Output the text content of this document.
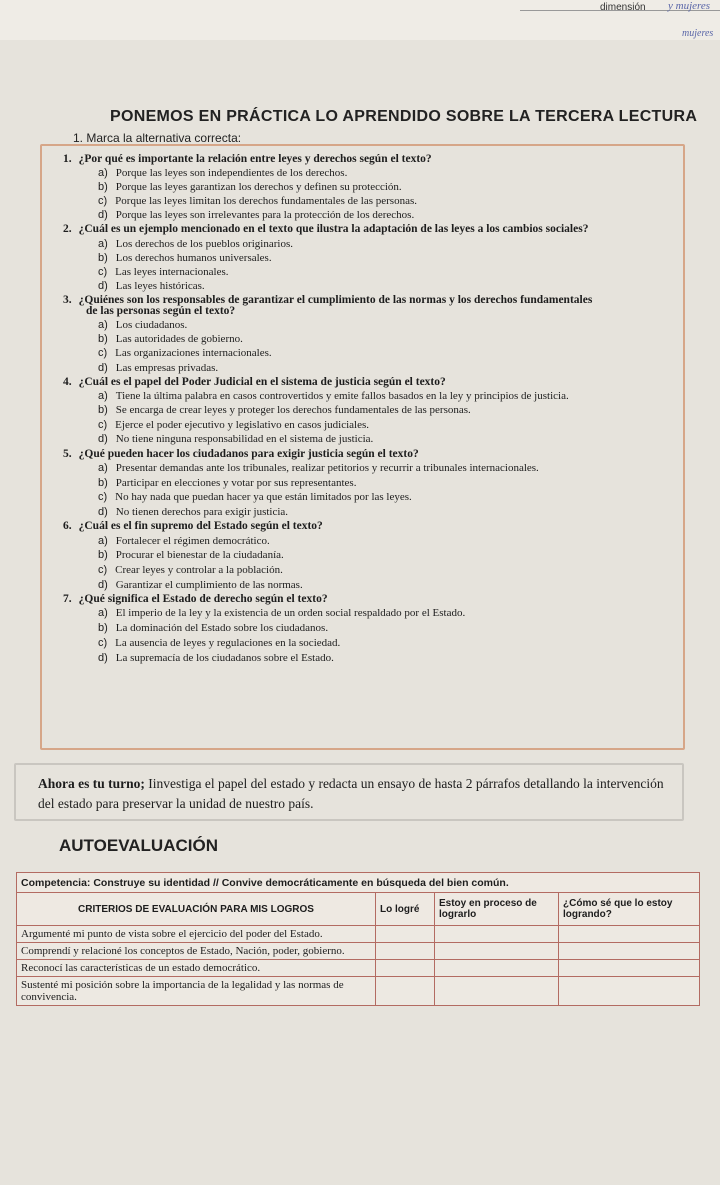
dimensión y mujeres
mujeres
PONEMOS EN PRÁCTICA LO APRENDIDO SOBRE LA TERCERA LECTURA
1. Marca la alternativa correcta:
1. ¿Por qué es importante la relación entre leyes y derechos según el texto?
a) Porque las leyes son independientes de los derechos.
b) Porque las leyes garantizan los derechos y definen su protección.
c) Porque las leyes limitan los derechos fundamentales de las personas.
d) Porque las leyes son irrelevantes para la protección de los derechos.
2. ¿Cuál es un ejemplo mencionado en el texto que ilustra la adaptación de las leyes a los cambios sociales?
a) Los derechos de los pueblos originarios.
b) Los derechos humanos universales.
c) Las leyes internacionales.
d) Las leyes históricas.
3. ¿Quiénes son los responsables de garantizar el cumplimiento de las normas y los derechos fundamentales
de las personas según el texto?
a) Los ciudadanos.
b) Las autoridades de gobierno.
c) Las organizaciones internacionales.
d) Las empresas privadas.
4. ¿Cuál es el papel del Poder Judicial en el sistema de justicia según el texto?
a) Tiene la última palabra en casos controvertidos y emite fallos basados en la ley y principios de justicia.
b) Se encarga de crear leyes y proteger los derechos fundamentales de las personas.
c) Ejerce el poder ejecutivo y legislativo en casos judiciales.
d) No tiene ninguna responsabilidad en el sistema de justicia.
5. ¿Qué pueden hacer los ciudadanos para exigir justicia según el texto?
a) Presentar demandas ante los tribunales, realizar petitorios y recurrir a tribunales internacionales.
b) Participar en elecciones y votar por sus representantes.
c) No hay nada que puedan hacer ya que están limitados por las leyes.
d) No tienen derechos para exigir justicia.
6. ¿Cuál es el fin supremo del Estado según el texto?
a) Fortalecer el régimen democrático.
b) Procurar el bienestar de la ciudadanía.
c) Crear leyes y controlar a la población.
d) Garantizar el cumplimiento de las normas.
7. ¿Qué significa el Estado de derecho según el texto?
a) El imperio de la ley y la existencia de un orden social respaldado por el Estado.
b) La dominación del Estado sobre los ciudadanos.
c) La ausencia de leyes y regulaciones en la sociedad.
d) La supremacía de los ciudadanos sobre el Estado.
Ahora es tu turno; Iinvestiga el papel del estado y redacta un ensayo de hasta 2 párrafos detallando la intervención del estado para preservar la unidad de nuestro país.
AUTOEVALUACIÓN
Competencia: Construye su identidad // Convive democráticamente en búsqueda del bien común.			
CRITERIOS DE EVALUACIÓN PARA MIS LOGROS	Lo logré	Estoy en proceso de lograrlo	¿Cómo sé que lo estoy logrando?
Argumenté mi punto de vista sobre el ejercicio del poder del Estado.			
Comprendí y relacioné los conceptos de Estado, Nación, poder, gobierno.			
Reconocí las características de un estado democrático.			
Sustenté mi posición sobre la importancia de la legalidad y las normas de convivencia.			
